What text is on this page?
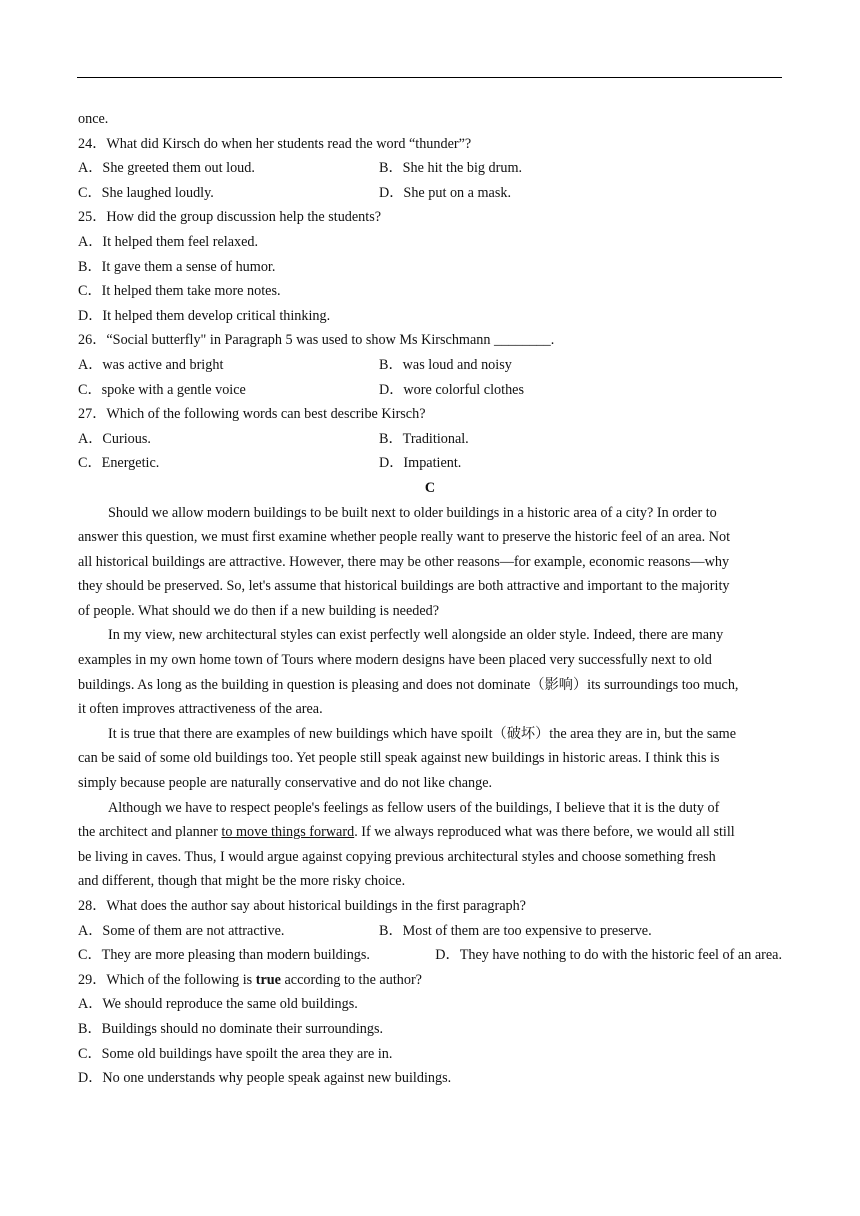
once.
24．What did Kirsch do when her students read the word “thunder”?
A．She greeted them out loud.	B．She hit the big drum.
C．She laughed loudly.	D．She put on a mask.
25．How did the group discussion help the students?
A．It helped them feel relaxed.
B．It gave them a sense of humor.
C．It helped them take more notes.
D．It helped them develop critical thinking.
26．“Social butterfly" in Paragraph 5 was used to show Ms Kirschmann ________.
A．was active and bright	B．was loud and noisy
C．spoke with a gentle voice	D．wore colorful clothes
27．Which of the following words can best describe Kirsch?
A．Curious.	B．Traditional.
C．Energetic.	D．Impatient.
C
Should we allow modern buildings to be built next to older buildings in a historic area of a city? In order to
answer this question, we must first examine whether people really want to preserve the historic feel of an area. Not
all historical buildings are attractive. However, there may be other reasons—for example, economic reasons—why
they should be preserved. So, let's assume that historical buildings are both attractive and important to the majority
of people. What should we do then if a new building is needed?
In my view, new architectural styles can exist perfectly well alongside an older style. Indeed, there are many
examples in my own home town of Tours where modern designs have been placed very successfully next to old
buildings. As long as the building in question is pleasing and does not dominate（影响）its surroundings too much,
it often improves attractiveness of the area.
It is true that there are examples of new buildings which have spoilt（破坏）the area they are in, but the same
can be said of some old buildings too. Yet people still speak against new buildings in historic areas. I think this is
simply because people are naturally conservative and do not like change.
Although we have to respect people's feelings as fellow users of the buildings, I believe that it is the duty of
the architect and planner to move things forward. If we always reproduced what was there before, we would all still
be living in caves. Thus, I would argue against copying previous architectural styles and choose something fresh
and different, though that might be the more risky choice.
28．What does the author say about historical buildings in the first paragraph?
A．Some of them are not attractive.	B．Most of them are too expensive to preserve.
C．They are more pleasing than modern buildings.	D．They have nothing to do with the historic feel of an area.
29．Which of the following is true according to the author?
A．We should reproduce the same old buildings.
B．Buildings should no dominate their surroundings.
C．Some old buildings have spoilt the area they are in.
D．No one understands why people speak against new buildings.
